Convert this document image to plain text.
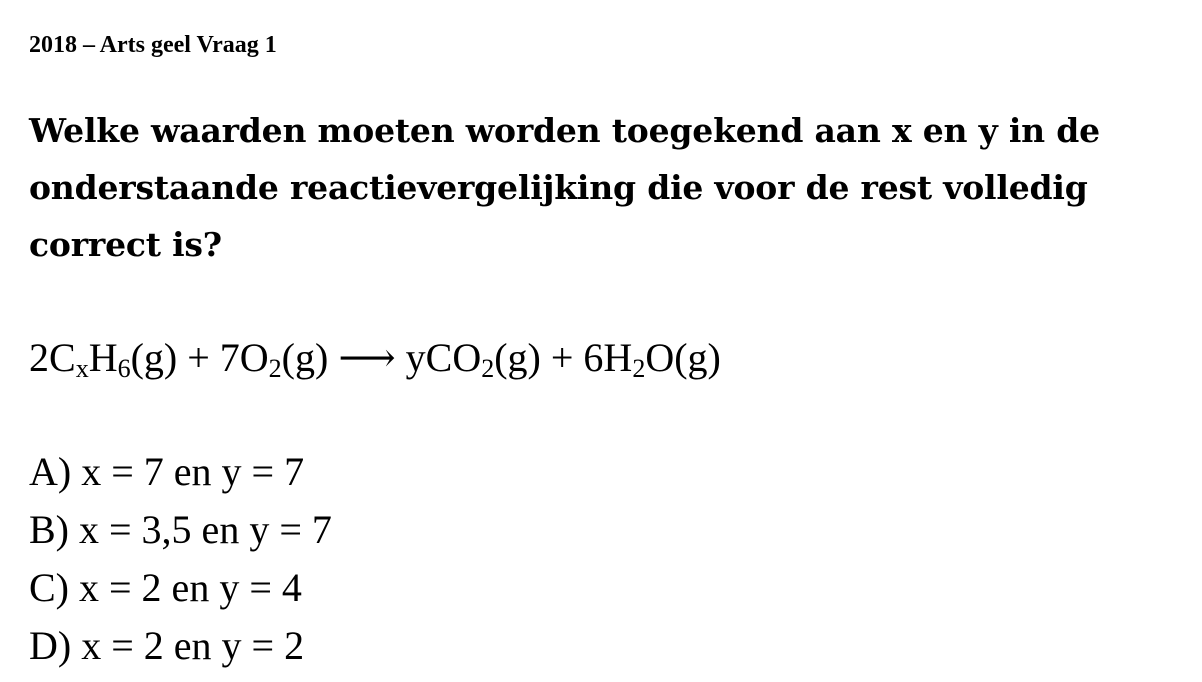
2018 – Arts geel Vraag 1
Welke waarden moeten worden toegekend aan x en y in de
onderstaande reactievergelijking die voor de rest volledig
correct is?
$2C_xH_6(g) + 7O_2(g)$ ⟶ $yCO_2(g) + 6H_2O(g)$
A) x = 7 en y = 7
B) x = 3,5 en y = 7
C) x = 2 en y = 4
D) x = 2 en y = 2
